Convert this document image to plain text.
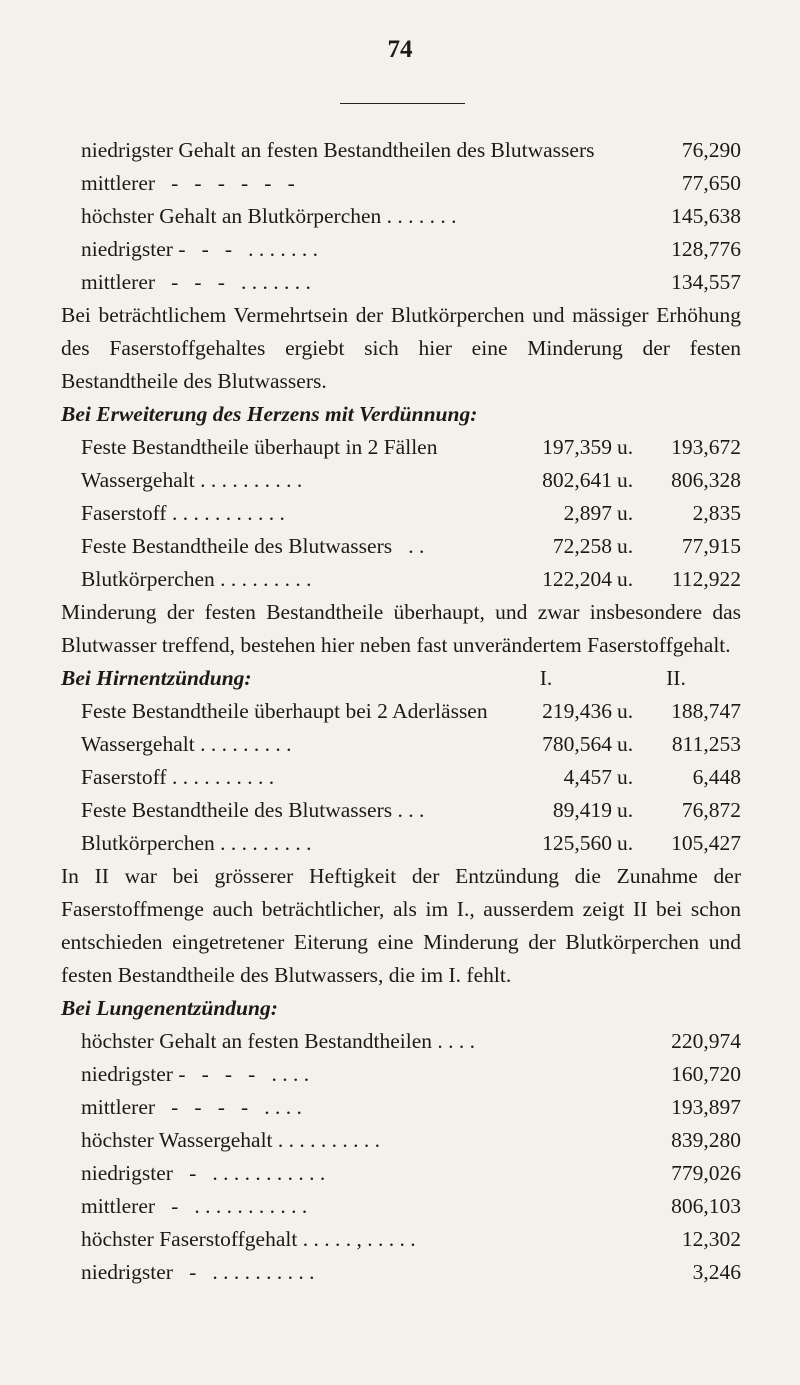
74
niedrigster Gehalt an festen Bestandtheilen des Blutwassers	76,290
mittlerer   -   -   -   -   -   -	77,650
höchster Gehalt an Blutkörperchen . . . . . . .	145,638
niedrigster -   -   -   . . . . . . .	128,776
mittlerer   -   -   -   . . . . . . .	134,557

Bei beträchtlichem Vermehrtsein der Blutkörperchen und mässiger Erhöhung des Faserstoffgehaltes ergiebt sich hier eine Minderung der festen Bestandtheile des Blutwassers.

Bei Erweiterung des Herzens mit Verdünnung:
Feste Bestandtheile überhaupt in 2 Fällen	197,359 u.	193,672
Wassergehalt . . . . . . . . . .	802,641 u.	806,328
Faserstoff . . . . . . . . . . .	2,897 u.	2,835
Feste Bestandtheile des Blutwassers   . .	72,258 u.	77,915
Blutkörperchen . . . . . . . . .	122,204 u.	112,922

Minderung der festen Bestandtheile überhaupt, und zwar insbesondere das Blutwasser treffend, bestehen hier neben fast unverändertem Faserstoffgehalt.

Bei Hirnentzündung:	I.	II.
Feste Bestandtheile überhaupt bei 2 Aderlässen	219,436 u.	188,747
Wassergehalt . . . . . . . . .	780,564 u.	811,253
Faserstoff . . . . . . . . . .	4,457 u.	6,448
Feste Bestandtheile des Blutwassers . . .	89,419 u.	76,872
Blutkörperchen . . . . . . . . .	125,560 u.	105,427

In II war bei grösserer Heftigkeit der Entzündung die Zunahme der Faserstoffmenge auch beträchtlicher, als im I., ausserdem zeigt II bei schon entschieden eingetretener Eiterung eine Minderung der Blutkörperchen und festen Bestandtheile des Blutwassers, die im I. fehlt.

Bei Lungenentzündung:
höchster Gehalt an festen Bestandtheilen . . . .	220,974
niedrigster -   -   -   -   . . . .	160,720
mittlerer   -   -   -   -   . . . .	193,897
höchster Wassergehalt . . . . . . . . . .	839,280
niedrigster   -   . . . . . . . . . . .	779,026
mittlerer   -   . . . . . . . . . . .	806,103
höchster Faserstoffgehalt . . . . . , . . . . .	12,302
niedrigster   -   . . . . . . . . . .	3,246
